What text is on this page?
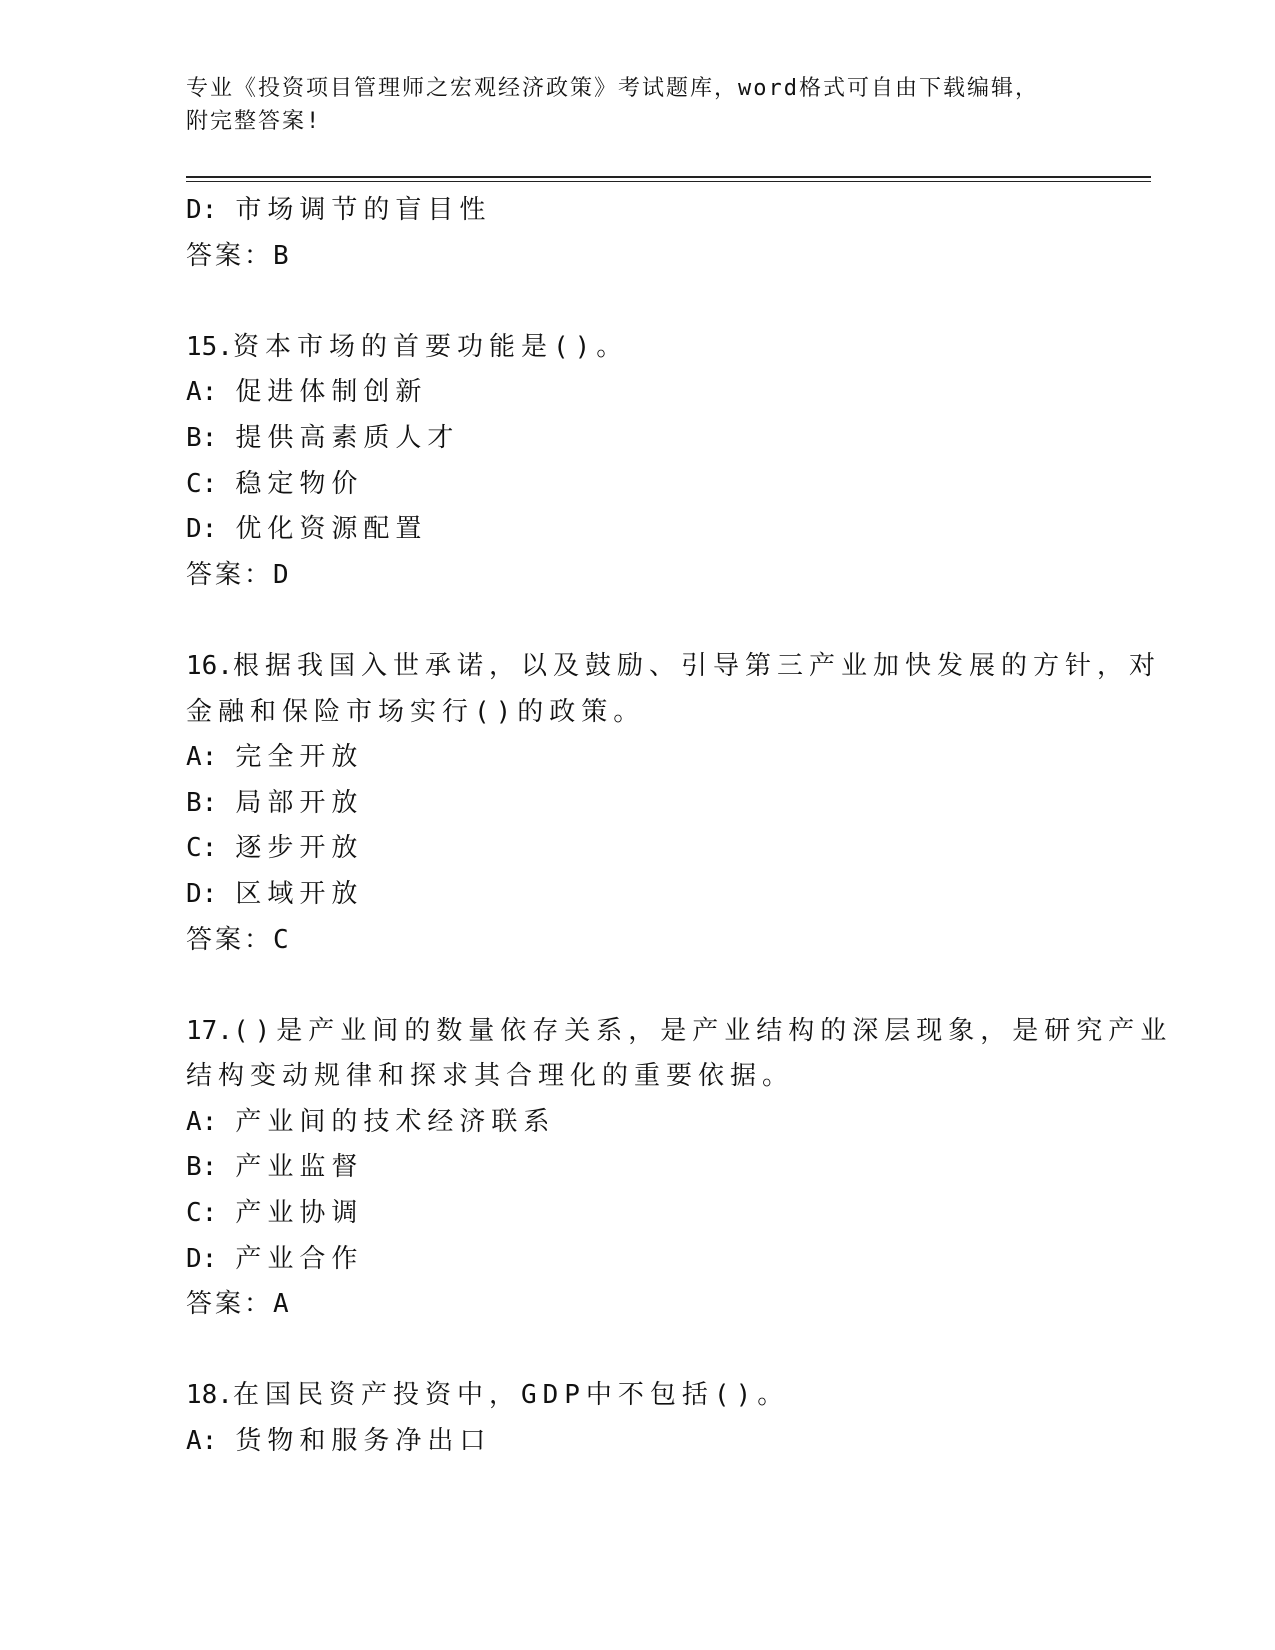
专业《投资项目管理师之宏观经济政策》考试题库，word格式可自由下载编辑，
附完整答案!
D: 市场调节的盲目性
答案：B
15.资本市场的首要功能是()。
A: 促进体制创新
B: 提供高素质人才
C: 稳定物价
D: 优化资源配置
答案：D
16.根据我国入世承诺，以及鼓励、引导第三产业加快发展的方针，对
金融和保险市场实行()的政策。
A: 完全开放
B: 局部开放
C: 逐步开放
D: 区域开放
答案：C
17.()是产业间的数量依存关系，是产业结构的深层现象，是研究产业
结构变动规律和探求其合理化的重要依据。
A: 产业间的技术经济联系
B: 产业监督
C: 产业协调
D: 产业合作
答案：A
18.在国民资产投资中，GDP中不包括()。
A: 货物和服务净出口
